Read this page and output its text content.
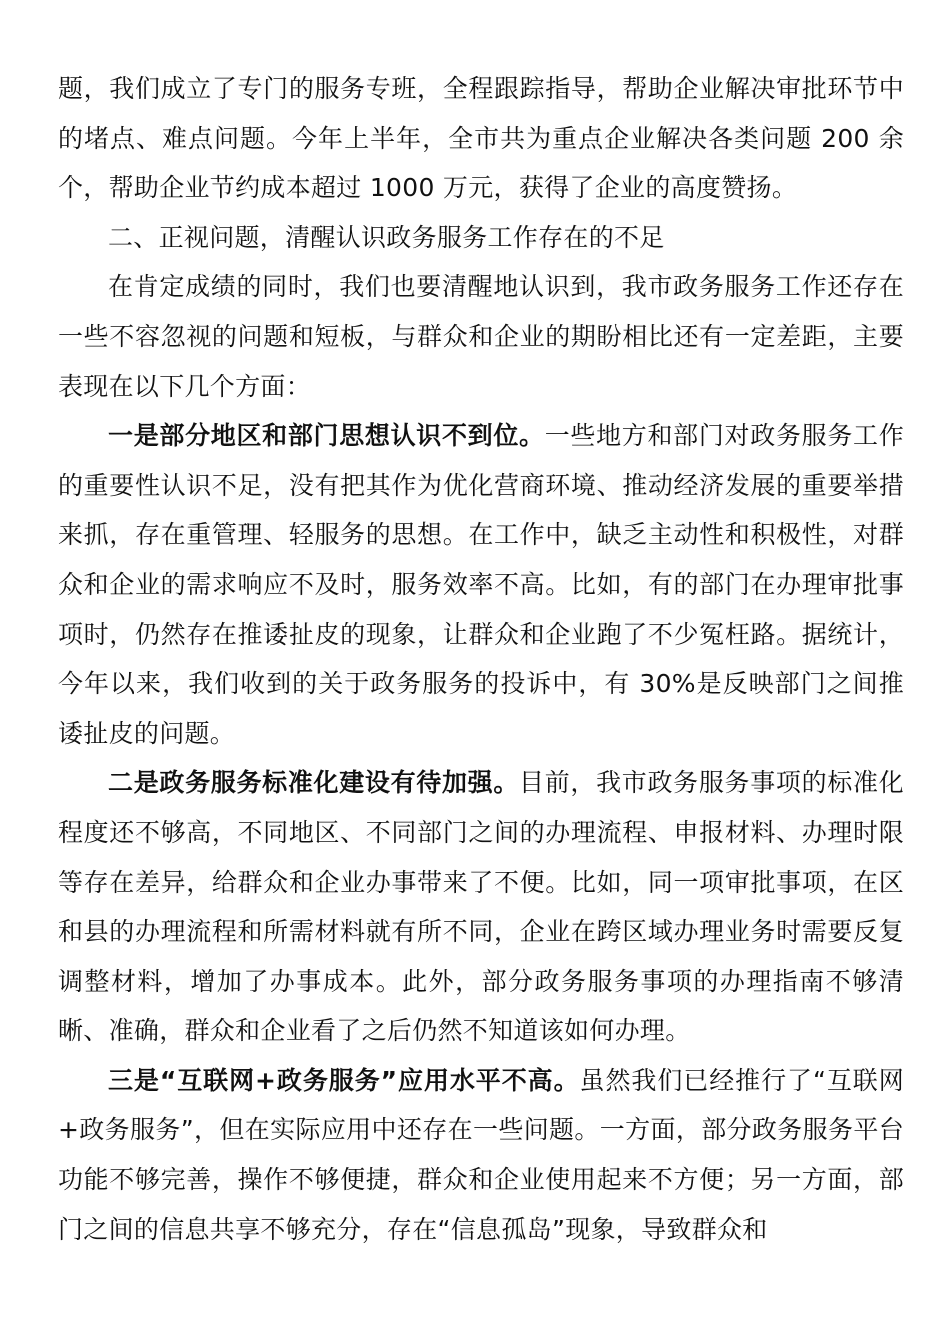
题，我们成立了专门的服务专班，全程跟踪指导，帮助企业解决审批环节中的堵点、难点问题。今年上半年，全市共为重点企业解决各类问题 200 余个，帮助企业节约成本超过 1000 万元，获得了企业的高度赞扬。

二、正视问题，清醒认识政务服务工作存在的不足

在肯定成绩的同时，我们也要清醒地认识到，我市政务服务工作还存在一些不容忽视的问题和短板，与群众和企业的期盼相比还有一定差距，主要表现在以下几个方面：

一是部分地区和部门思想认识不到位。一些地方和部门对政务服务工作的重要性认识不足，没有把其作为优化营商环境、推动经济发展的重要举措来抓，存在重管理、轻服务的思想。在工作中，缺乏主动性和积极性，对群众和企业的需求响应不及时，服务效率不高。比如，有的部门在办理审批事项时，仍然存在推诿扯皮的现象，让群众和企业跑了不少冤枉路。据统计，今年以来，我们收到的关于政务服务的投诉中，有 30%是反映部门之间推诿扯皮的问题。

二是政务服务标准化建设有待加强。目前，我市政务服务事项的标准化程度还不够高，不同地区、不同部门之间的办理流程、申报材料、办理时限等存在差异，给群众和企业办事带来了不便。比如，同一项审批事项，在区和县的办理流程和所需材料就有所不同，企业在跨区域办理业务时需要反复调整材料，增加了办事成本。此外，部分政务服务事项的办理指南不够清晰、准确，群众和企业看了之后仍然不知道该如何办理。

三是“互联网+政务服务”应用水平不高。虽然我们已经推行了“互联网+政务服务”，但在实际应用中还存在一些问题。一方面，部分政务服务平台功能不够完善，操作不够便捷，群众和企业使用起来不方便；另一方面，部门之间的信息共享不够充分，存在“信息孤岛”现象，导致群众和
